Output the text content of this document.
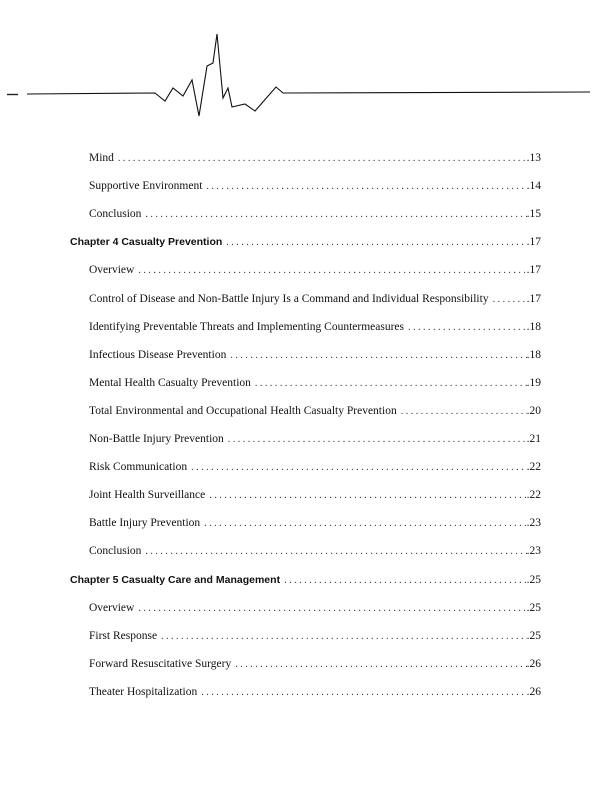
Mind . . .	.13
Supportive Environment . . .	.14
Conclusion . . .	.15
Chapter 4 Casualty Prevention . . .	.17
Overview . . .	.17
Control of Disease and Non-Battle Injury Is a Command and Individual Responsibility . . .	.17
Identifying Preventable Threats and Implementing Countermeasures . . .	.18
Infectious Disease Prevention . . .	.18
Mental Health Casualty Prevention . . .	.19
Total Environmental and Occupational Health Casualty Prevention . . .	.20
Non-Battle Injury Prevention . . .	.21
Risk Communication . . .	.22
Joint Health Surveillance . . .	.22
Battle Injury Prevention . . .	.23
Conclusion . . .	.23
Chapter 5 Casualty Care and Management . . .	.25
Overview . . .	.25
First Response . . .	.25
Forward Resuscitative Surgery . . .	.26
Theater Hospitalization . . .	.26
